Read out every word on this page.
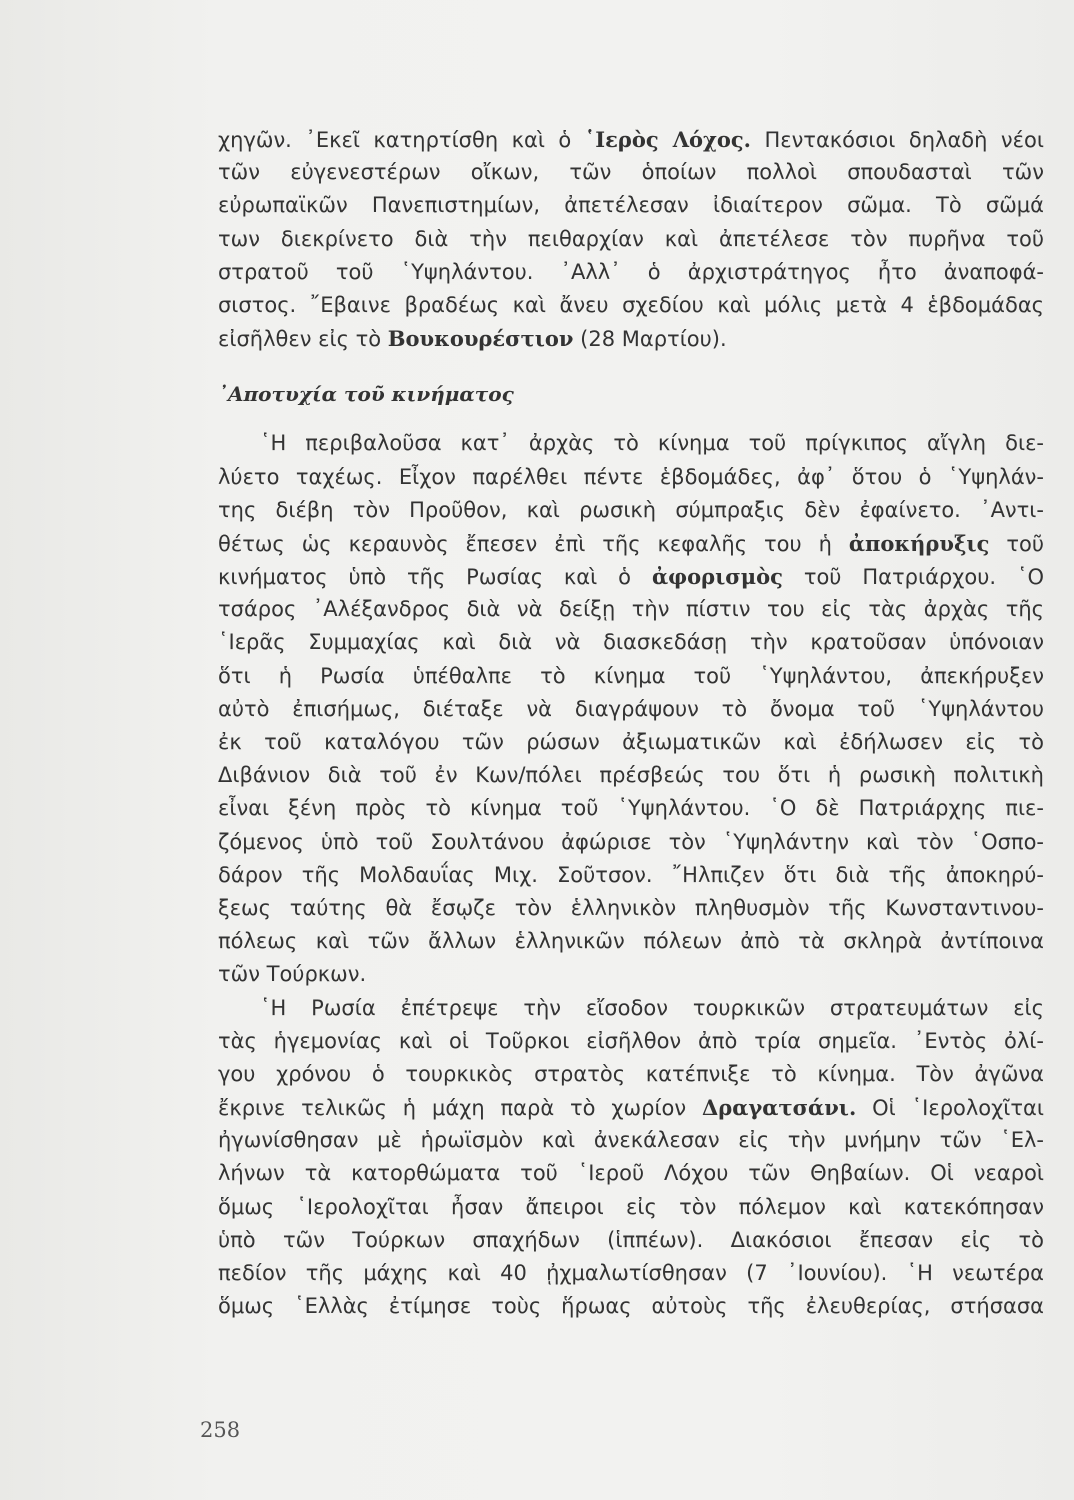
χηγῶν. ᾿Εκεῖ κατηρτίσθη καὶ ὁ ῾Ιερὸς Λόχος. Πεντακόσιοι δηλαδὴ νέοι
τῶν εὐγενεστέρων οἴκων, τῶν ὁποίων πολλοὶ σπουδασταὶ τῶν
εὐρωπαϊκῶν Πανεπιστημίων, ἀπετέλεσαν ἰδιαίτερον σῶμα. Τὸ σῶμά
των διεκρίνετο διὰ τὴν πειθαρχίαν καὶ ἀπετέλεσε τὸν πυρῆνα τοῦ
στρατοῦ τοῦ ῾Υψηλάντου. ᾿Αλλ᾿ ὁ ἀρχιστράτηγος ἦτο ἀναποφά-
σιστος. ῎Εβαινε βραδέως καὶ ἄνευ σχεδίου καὶ μόλις μετὰ 4 ἑβδομάδας
εἰσῆλθεν εἰς τὸ Βουκουρέστιον (28 Μαρτίου).
᾿Αποτυχία τοῦ κινήματος
῾Η περιβαλοῦσα κατ᾿ ἀρχὰς τὸ κίνημα τοῦ πρίγκιπος αἴγλη διε-
λύετο ταχέως. Εἶχον παρέλθει πέντε ἑβδομάδες, ἀφ᾿ ὅτου ὁ ῾Υψηλάν-
της διέβη τὸν Προῦθον, καὶ ρωσικὴ σύμπραξις δὲν ἐφαίνετο. ᾿Αντι-
θέτως ὡς κεραυνὸς ἔπεσεν ἐπὶ τῆς κεφαλῆς του ἡ ἀποκήρυξις τοῦ
κινήματος ὑπὸ τῆς Ρωσίας καὶ ὁ ἀφορισμὸς τοῦ Πατριάρχου. ῾Ο
τσάρος ᾿Αλέξανδρος διὰ νὰ δείξῃ τὴν πίστιν του εἰς τὰς ἀρχὰς τῆς
῾Ιερᾶς Συμμαχίας καὶ διὰ νὰ διασκεδάσῃ τὴν κρατοῦσαν ὑπόνοιαν
ὅτι ἡ Ρωσία ὑπέθαλπε τὸ κίνημα τοῦ ῾Υψηλάντου, ἀπεκήρυξεν
αὐτὸ ἐπισήμως, διέταξε νὰ διαγράψουν τὸ ὄνομα τοῦ ῾Υψηλάντου
ἐκ τοῦ καταλόγου τῶν ρώσων ἀξιωματικῶν καὶ ἐδήλωσεν εἰς τὸ
Διβάνιον διὰ τοῦ ἐν Κων/πόλει πρέσβεώς του ὅτι ἡ ρωσικὴ πολιτικὴ
εἶναι ξένη πρὸς τὸ κίνημα τοῦ ῾Υψηλάντου. ῾Ο δὲ Πατριάρχης πιε-
ζόμενος ὑπὸ τοῦ Σουλτάνου ἀφώρισε τὸν ῾Υψηλάντην καὶ τὸν ῾Οσπο-
δάρον τῆς Μολδαυΐας Μιχ. Σοῦτσον. ῎Ηλπιζεν ὅτι διὰ τῆς ἀποκηρύ-
ξεως ταύτης θὰ ἔσῳζε τὸν ἑλληνικὸν πληθυσμὸν τῆς Κωνσταντινου-
πόλεως καὶ τῶν ἄλλων ἑλληνικῶν πόλεων ἀπὸ τὰ σκληρὰ ἀντίποινα
τῶν Τούρκων.
῾Η Ρωσία ἐπέτρεψε τὴν εἴσοδον τουρκικῶν στρατευμάτων εἰς
τὰς ἡγεμονίας καὶ οἱ Τοῦρκοι εἰσῆλθον ἀπὸ τρία σημεῖα. ᾿Εντὸς ὀλί-
γου χρόνου ὁ τουρκικὸς στρατὸς κατέπνιξε τὸ κίνημα. Τὸν ἀγῶνα
ἔκρινε τελικῶς ἡ μάχη παρὰ τὸ χωρίον Δραγατσάνι. Οἱ ῾Ιερολοχῖται
ἠγωνίσθησαν μὲ ἡρωϊσμὸν καὶ ἀνεκάλεσαν εἰς τὴν μνήμην τῶν ῾Ελ-
λήνων τὰ κατορθώματα τοῦ ῾Ιεροῦ Λόχου τῶν Θηβαίων. Οἱ νεαροὶ
ὅμως ῾Ιερολοχῖται ἦσαν ἄπειροι εἰς τὸν πόλεμον καὶ κατεκόπησαν
ὑπὸ τῶν Τούρκων σπαχήδων (ἱππέων). Διακόσιοι ἔπεσαν εἰς τὸ
πεδίον τῆς μάχης καὶ 40 ᾐχμαλωτίσθησαν (7 ᾿Ιουνίου). ῾Η νεωτέρα
ὅμως ῾Ελλὰς ἐτίμησε τοὺς ἥρωας αὐτοὺς τῆς ἐλευθερίας, στήσασα
258
